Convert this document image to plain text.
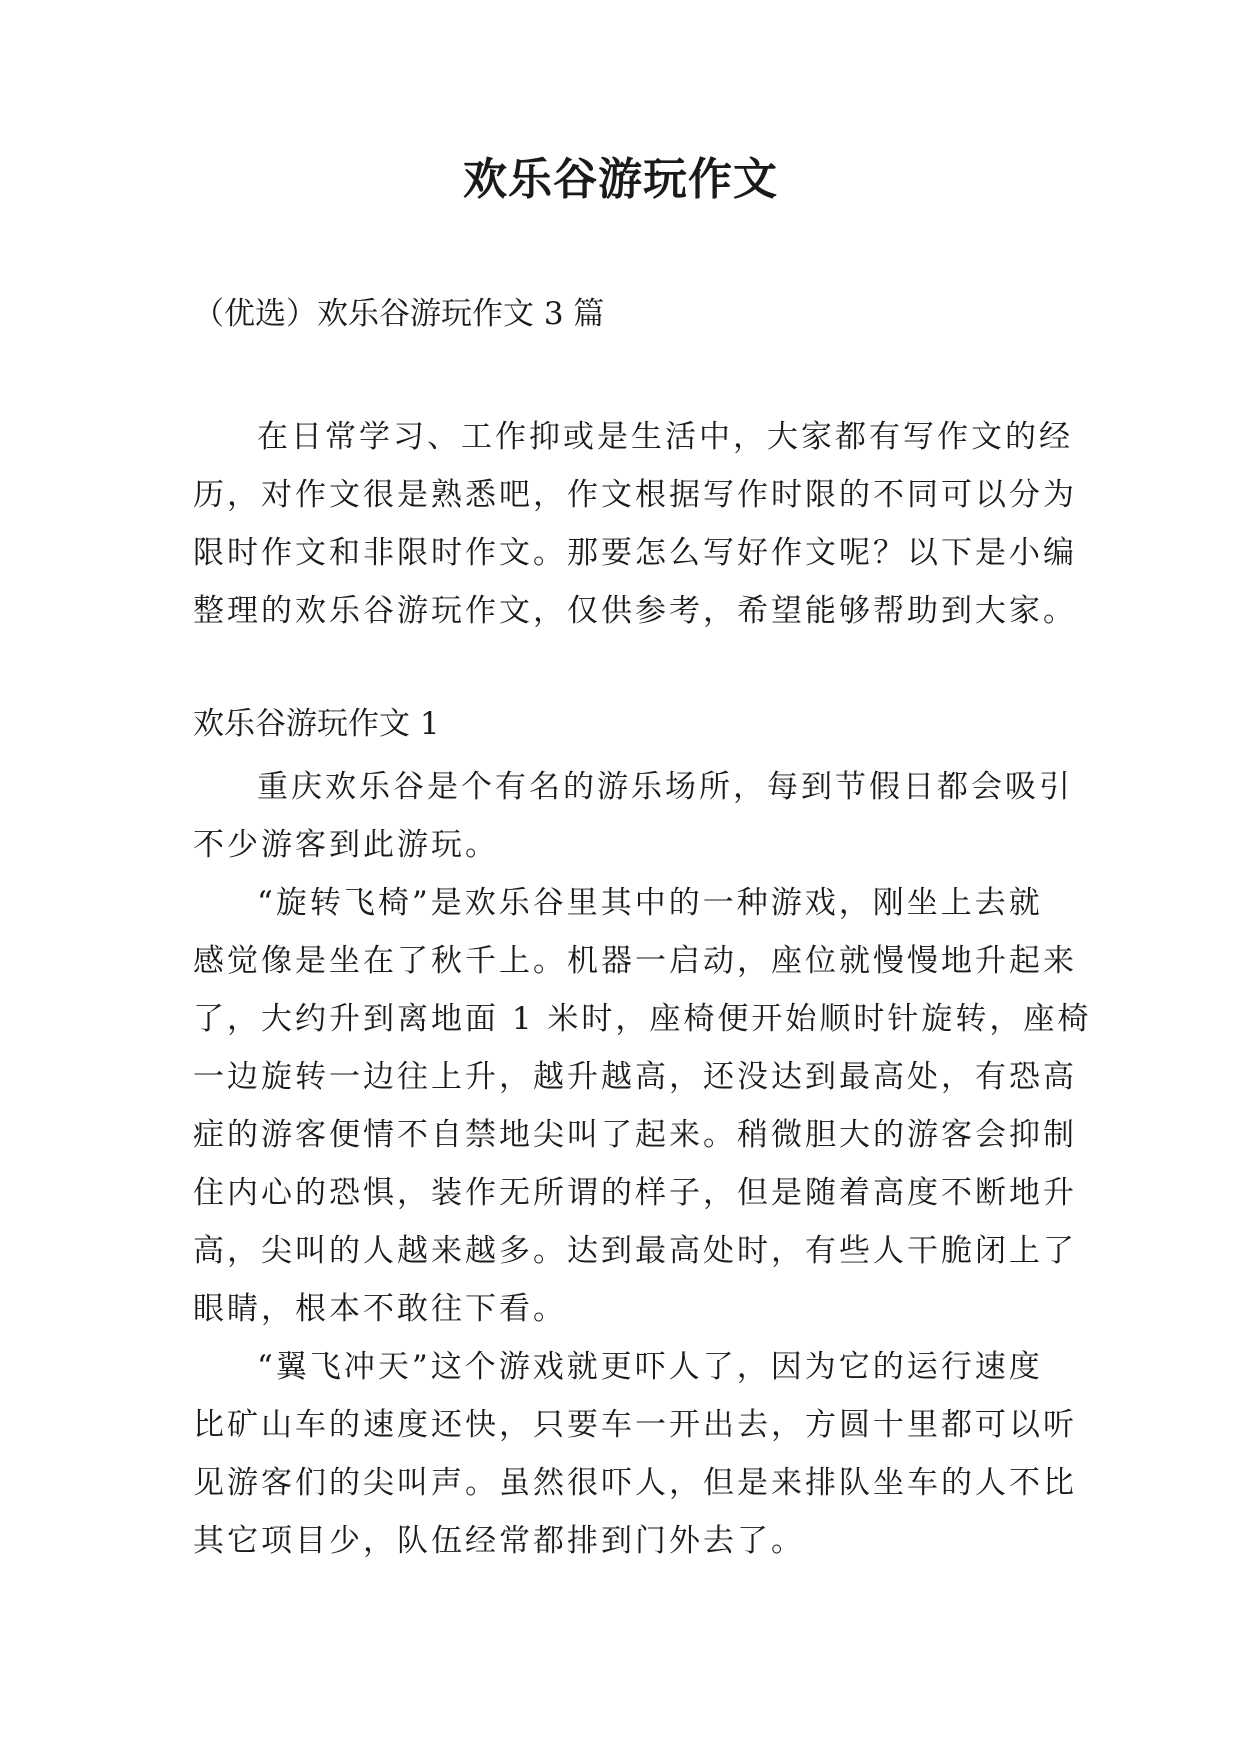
欢乐谷游玩作文
（优选）欢乐谷游玩作文 3 篇
在日常学习、工作抑或是生活中，大家都有写作文的经
历，对作文很是熟悉吧，作文根据写作时限的不同可以分为
限时作文和非限时作文。那要怎么写好作文呢？以下是小编
整理的欢乐谷游玩作文，仅供参考，希望能够帮助到大家。
欢乐谷游玩作文 1
重庆欢乐谷是个有名的游乐场所，每到节假日都会吸引
不少游客到此游玩。
“旋转飞椅”是欢乐谷里其中的一种游戏，刚坐上去就
感觉像是坐在了秋千上。机器一启动，座位就慢慢地升起来
了，大约升到离地面 1 米时，座椅便开始顺时针旋转，座椅
一边旋转一边往上升，越升越高，还没达到最高处，有恐高
症的游客便情不自禁地尖叫了起来。稍微胆大的游客会抑制
住内心的恐惧，装作无所谓的样子，但是随着高度不断地升
高，尖叫的人越来越多。达到最高处时，有些人干脆闭上了
眼睛，根本不敢往下看。
“翼飞冲天”这个游戏就更吓人了，因为它的运行速度
比矿山车的速度还快，只要车一开出去，方圆十里都可以听
见游客们的尖叫声。虽然很吓人，但是来排队坐车的人不比
其它项目少，队伍经常都排到门外去了。
